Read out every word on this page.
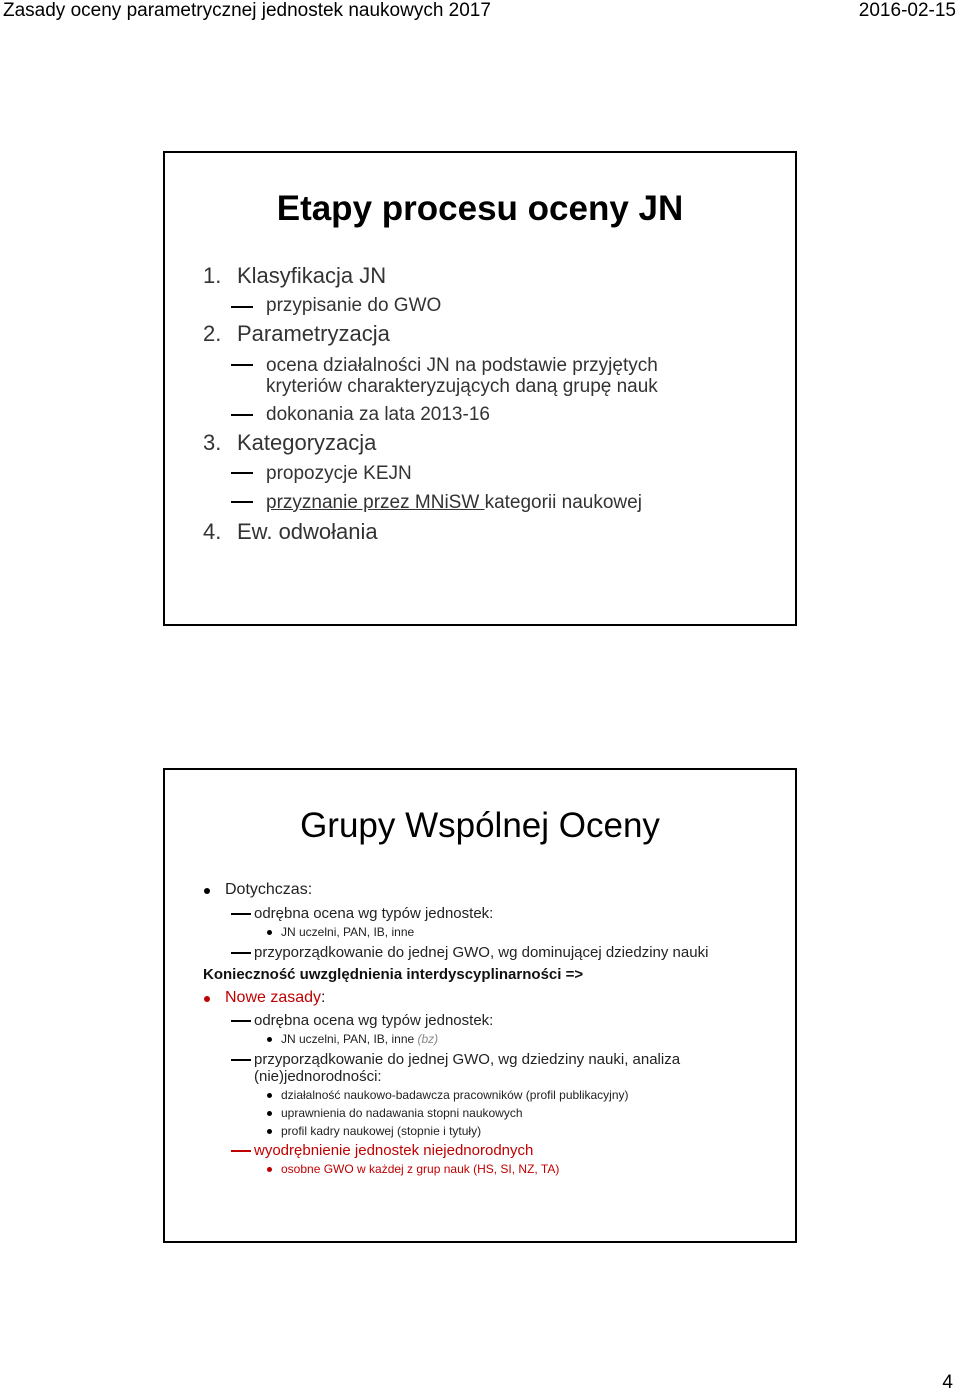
Zasady oceny parametrycznej jednostek naukowych 2017	2016-02-15
Etapy procesu oceny JN
1. Klasyfikacja JN
przypisanie do GWO
2. Parametryzacja
ocena działalności JN na podstawie przyjętych
kryteriów charakteryzujących daną grupę nauk
dokonania za lata 2013-16
3. Kategoryzacja
propozycje KEJN
przyznanie przez MNiSW kategorii naukowej
4. Ew. odwołania
Grupy Wspólnej Oceny
Dotychczas:
odrębna ocena wg typów jednostek:
JN uczelni, PAN, IB, inne
przyporządkowanie do jednej GWO, wg dominującej dziedziny nauki
Konieczność uwzględnienia interdyscyplinarności =>
Nowe zasady:
odrębna ocena wg typów jednostek:
JN uczelni, PAN, IB, inne (bz)
przyporządkowanie do jednej GWO, wg dziedziny nauki, analiza
(nie)jednorodności:
działalność naukowo-badawcza pracowników (profil publikacyjny)
uprawnienia do nadawania stopni naukowych
profil kadry naukowej (stopnie i tytuły)
wyodrębnienie jednostek niejednorodnych
osobne GWO w każdej z grup nauk (HS, SI, NZ, TA)
4
